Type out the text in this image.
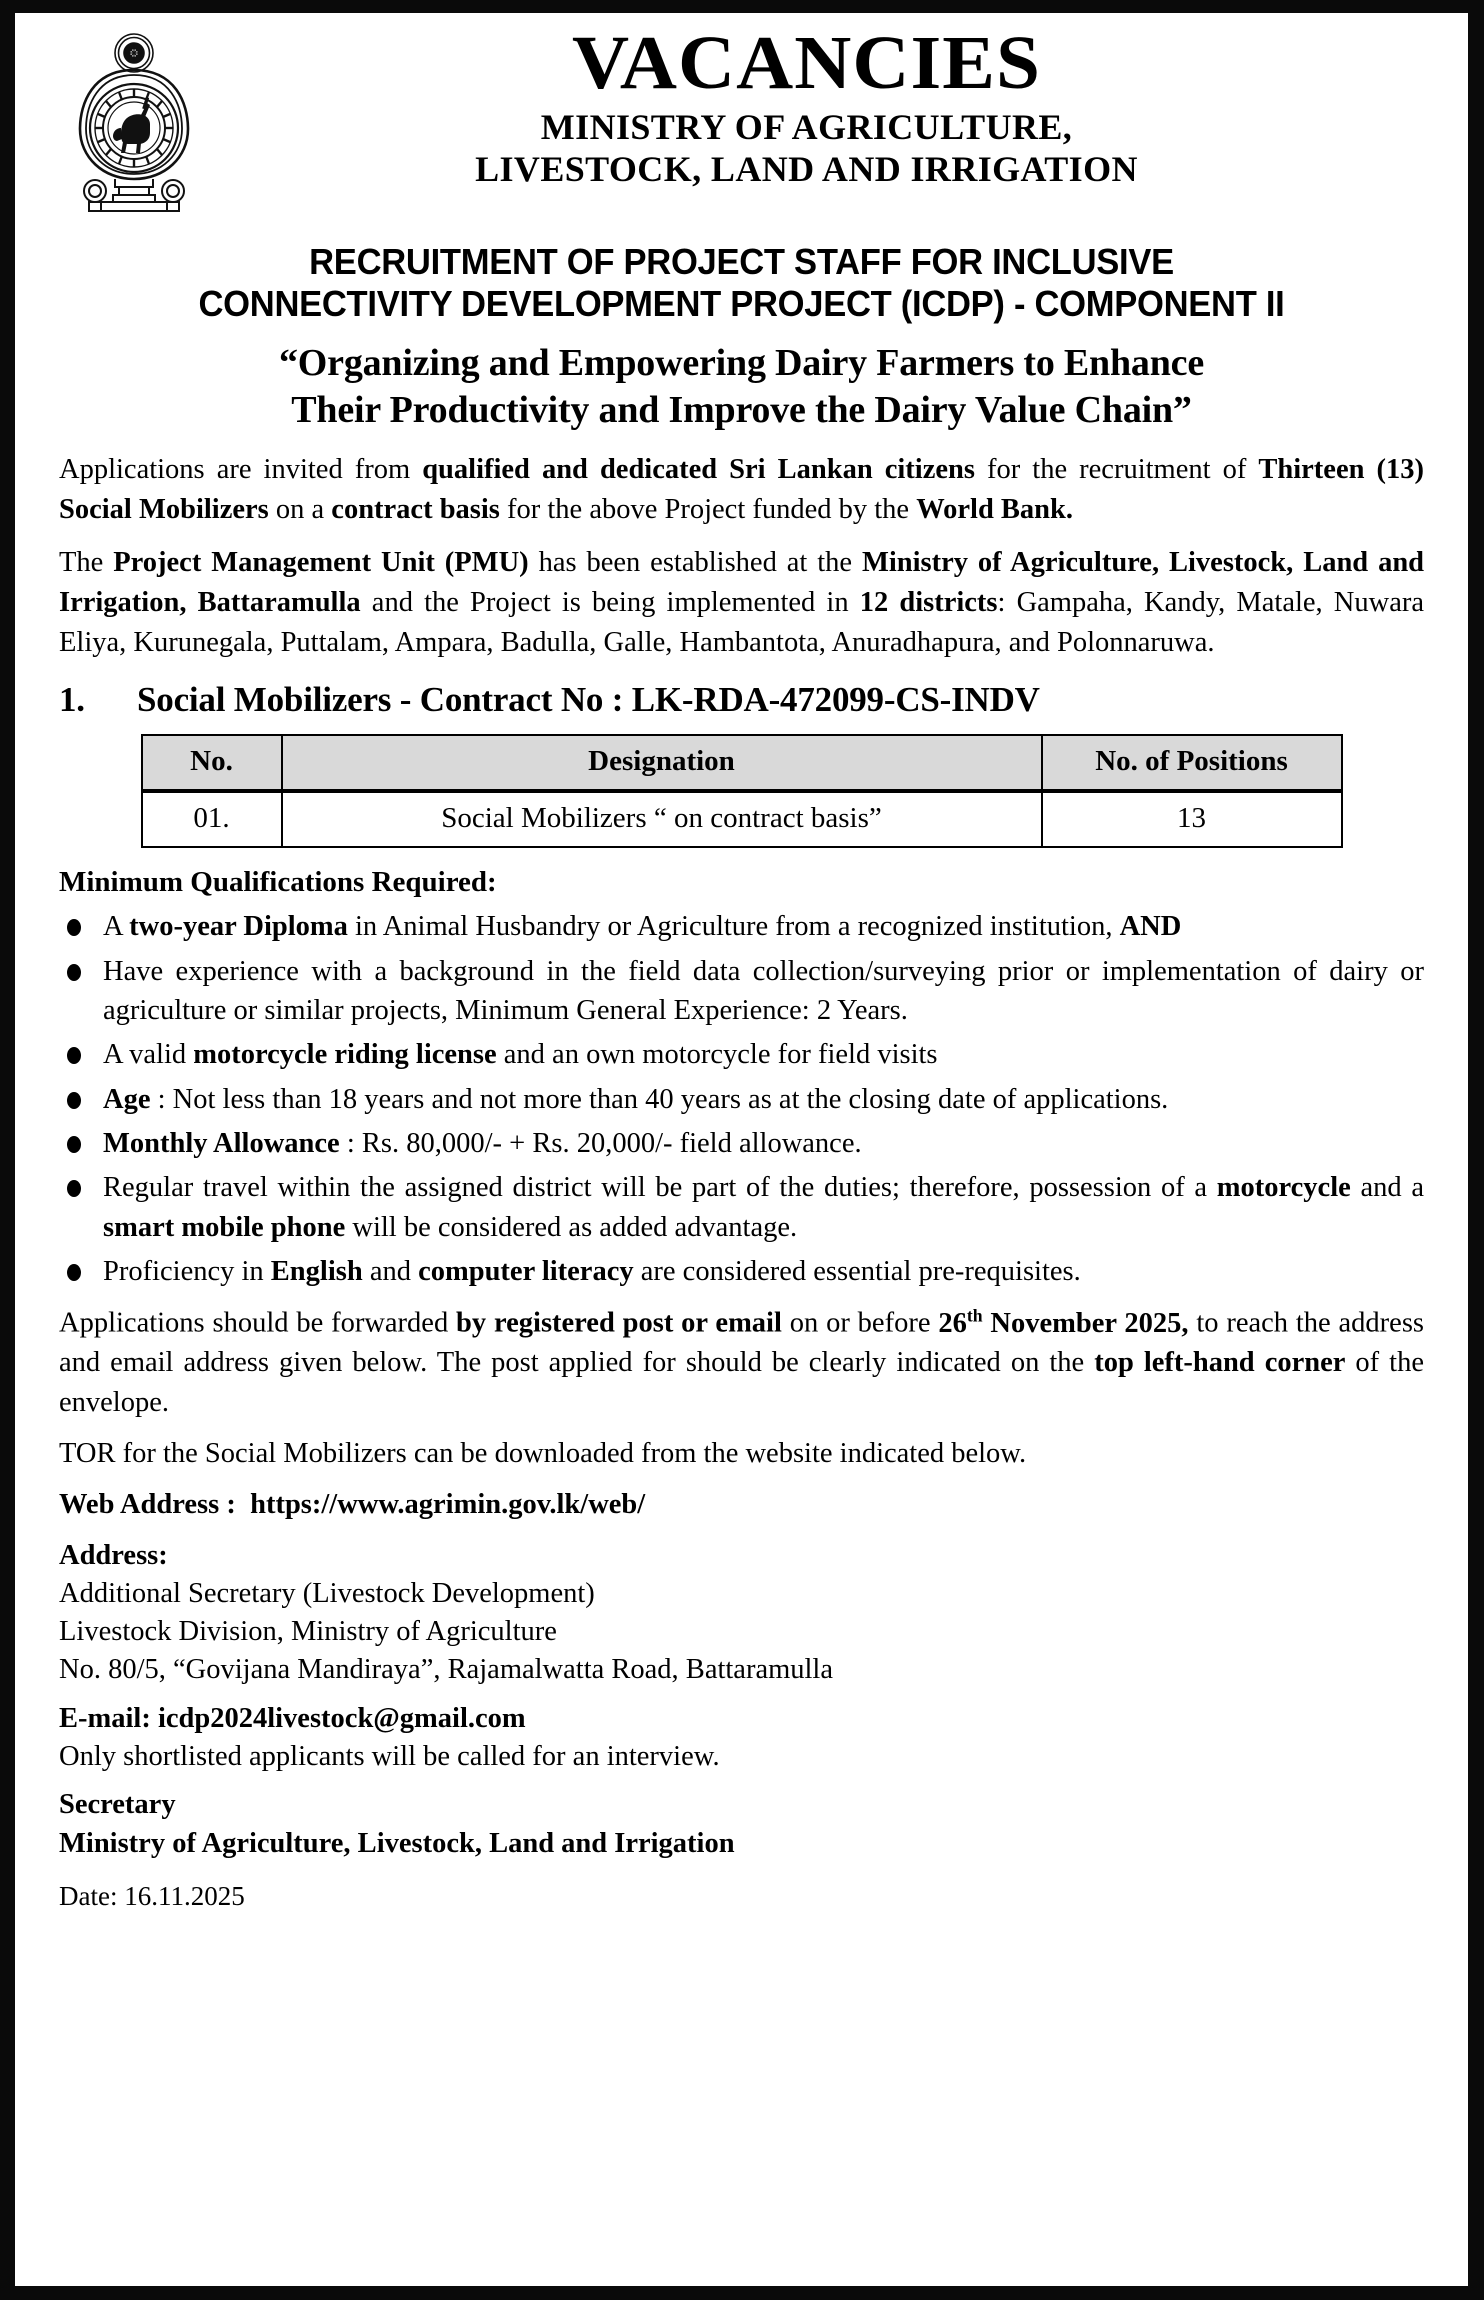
VACANCIES
MINISTRY OF AGRICULTURE,
LIVESTOCK, LAND AND IRRIGATION
RECRUITMENT OF PROJECT STAFF FOR INCLUSIVE
CONNECTIVITY DEVELOPMENT PROJECT (ICDP) - COMPONENT II
“Organizing and Empowering Dairy Farmers to Enhance
Their Productivity and Improve the Dairy Value Chain”

Applications are invited from qualified and dedicated Sri Lankan citizens for the recruitment of Thirteen (13) Social Mobilizers on a contract basis for the above Project funded by the World Bank.

The Project Management Unit (PMU) has been established at the Ministry of Agriculture, Livestock, Land and Irrigation, Battaramulla and the Project is being implemented in 12 districts: Gampaha, Kandy, Matale, Nuwara Eliya, Kurunegala, Puttalam, Ampara, Badulla, Galle, Hambantota, Anuradhapura, and Polonnaruwa.

1.	Social Mobilizers - Contract No : LK-RDA-472099-CS-INDV
No.	Designation	No. of Positions
01.	Social Mobilizers “ on contract basis”	13
Minimum Qualifications Required:
A two-year Diploma in Animal Husbandry or Agriculture from a recognized institution, AND
Have experience with a background in the field data collection/surveying prior or implementation of dairy or agriculture or similar projects, Minimum General Experience: 2 Years.
A valid motorcycle riding license and an own motorcycle for field visits
Age : Not less than 18 years and not more than 40 years as at the closing date of applications.
Monthly Allowance : Rs. 80,000/- + Rs. 20,000/- field allowance.
Regular travel within the assigned district will be part of the duties; therefore, possession of a motorcycle and a smart mobile phone will be considered as added advantage.
Proficiency in English and computer literacy are considered essential pre-requisites.

Applications should be forwarded by registered post or email on or before 26th November 2025, to reach the address and email address given below. The post applied for should be clearly indicated on the top left-hand corner of the envelope.

TOR for the Social Mobilizers can be downloaded from the website indicated below.

Web Address : https://www.agrimin.gov.lk/web/
Address:
Additional Secretary (Livestock Development)
Livestock Division, Ministry of Agriculture
No. 80/5, “Govijana Mandiraya”, Rajamalwatta Road, Battaramulla
E-mail: icdp2024livestock@gmail.com
Only shortlisted applicants will be called for an interview.
Secretary
Ministry of Agriculture, Livestock, Land and Irrigation
Date: 16.11.2025
